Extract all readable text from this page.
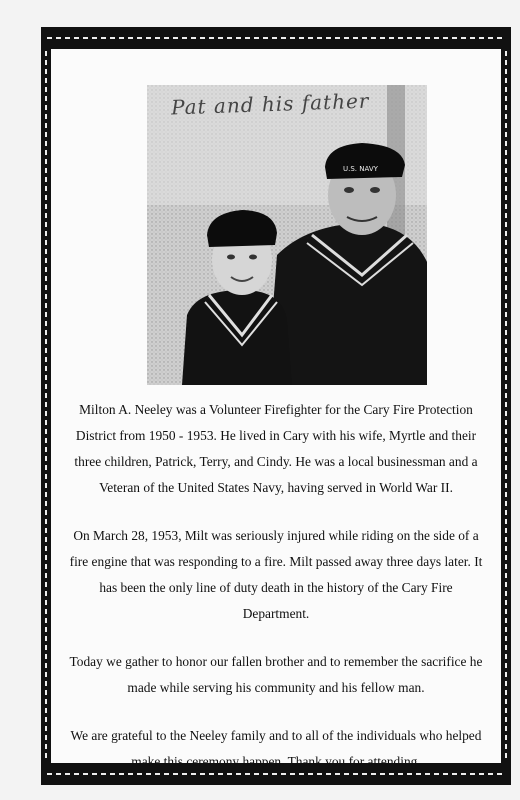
U.S. NAVY
Pat and his father

Milton A. Neeley was a Volunteer Firefighter for the Cary Fire Protection District from 1950 - 1953. He lived in Cary with his wife, Myrtle and their three children, Patrick, Terry, and Cindy. He was a local businessman and a Veteran of the United States Navy, having served in World War II.

On March 28, 1953, Milt was seriously injured while riding on the side of a fire engine that was responding to a fire. Milt passed away three days later. It has been the only line of duty death in the history of the Cary Fire Department.

Today we gather to honor our fallen brother and to remember the sacrifice he made while serving his community and his fellow man.

We are grateful to the Neeley family and to all of the individuals who helped make this ceremony happen. Thank you for attending.
